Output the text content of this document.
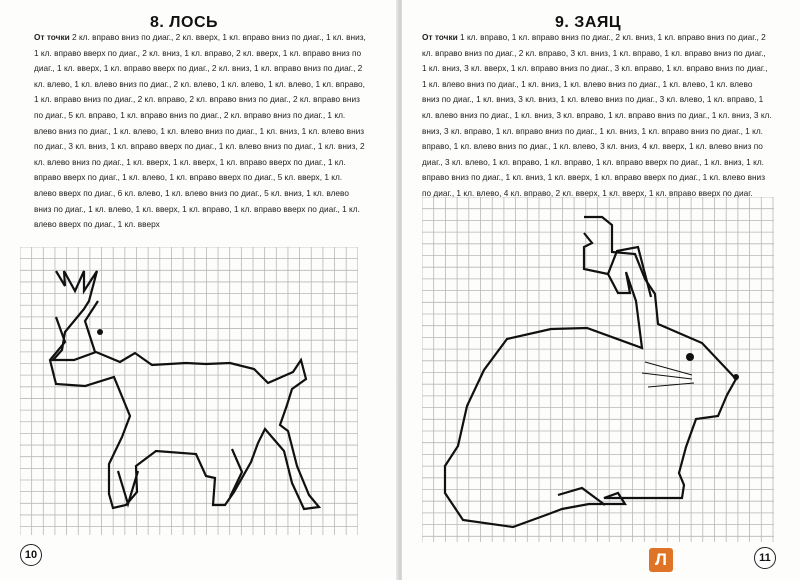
8. ЛОСЬ
От точки 2 кл. вправо вниз по диаг., 2 кл. вверх, 1 кл. вправо вниз по диаг., 1 кл. вниз, 1 кл. вправо вверх по диаг., 2 кл. вниз, 1 кл. вправо, 2 кл. вверх, 1 кл. вправо вниз по диаг., 1 кл. вверх, 1 кл. вправо вверх по диаг., 2 кл. вниз, 1 кл. вправо вниз по диаг., 2 кл. влево, 1 кл. влево вниз по диаг., 2 кл. влево, 1 кл. влево, 1 кл. влево, 1 кл. вправо, 1 кл. вправо вниз по диаг., 2 кл. вправо, 2 кл. вправо вниз по диаг., 2 кл. вправо вниз по диаг., 5 кл. вправо, 1 кл. вправо вниз по диаг., 2 кл. вправо вниз по диаг., 1 кл. влево вниз по диаг., 1 кл. влево, 1 кл. влево вниз по диаг., 1 кл. вниз, 1 кл. влево вниз по диаг., 3 кл. вниз, 1 кл. вправо вверх по диаг., 1 кл. влево вниз по диаг., 1 кл. вниз, 2 кл. влево вниз по диаг., 1 кл. вверх, 1 кл. вверх, 1 кл. вправо вверх по диаг., 1 кл. вправо вверх по диаг., 1 кл. влево, 1 кл. вправо вверх по диаг., 5 кл. вверх, 1 кл. влево вверх по диаг., 6 кл. влево, 1 кл. влево вниз по диаг., 5 кл. вниз, 1 кл. влево вниз по диаг., 1 кл. влево, 1 кл. вверх, 1 кл. вправо, 1 кл. вправо вверх по диаг., 1 кл. влево вверх по диаг., 1 кл. вверх
10
9. ЗАЯЦ
От точки 1 кл. вправо, 1 кл. вправо вниз по диаг., 2 кл. вниз, 1 кл. вправо вниз по диаг., 2 кл. вправо вниз по диаг., 2 кл. вправо, 3 кл. вниз, 1 кл. вправо, 1 кл. вправо вниз по диаг., 1 кл. вниз, 3 кл. вверх, 1 кл. вправо вниз по диаг., 3 кл. вправо, 1 кл. вправо вниз по диаг., 1 кл. влево вниз по диаг., 1 кл. вниз, 1 кл. влево вниз по диаг., 1 кл. влево, 1 кл. влево вниз по диаг., 1 кл. вниз, 3 кл. вниз, 1 кл. влево вниз по диаг., 3 кл. влево, 1 кл. вправо, 1 кл. влево вниз по диаг., 1 кл. вниз, 3 кл. вправо, 1 кл. вправо вниз по диаг., 1 кл. вниз, 3 кл. вниз, 3 кл. вправо, 1 кл. вправо вниз по диаг., 1 кл. вниз, 1 кл. вправо вниз по диаг., 1 кл. вправо, 1 кл. влево вниз по диаг., 1 кл. влево, 3 кл. вниз, 4 кл. вверх, 1 кл. влево вниз по диаг., 3 кл. влево, 1 кл. вправо, 1 кл. вправо, 1 кл. вправо вверх по диаг., 1 кл. вниз, 1 кл. вправо вниз по диаг., 1 кл. вниз, 1 кл. вверх, 1 кл. вправо вверх по диаг., 1 кл. влево вниз по диаг., 1 кл. влево, 4 кл. вправо, 2 кл. вверх, 1 кл. вверх, 1 кл. вправо вверх по диаг.
Л	11
